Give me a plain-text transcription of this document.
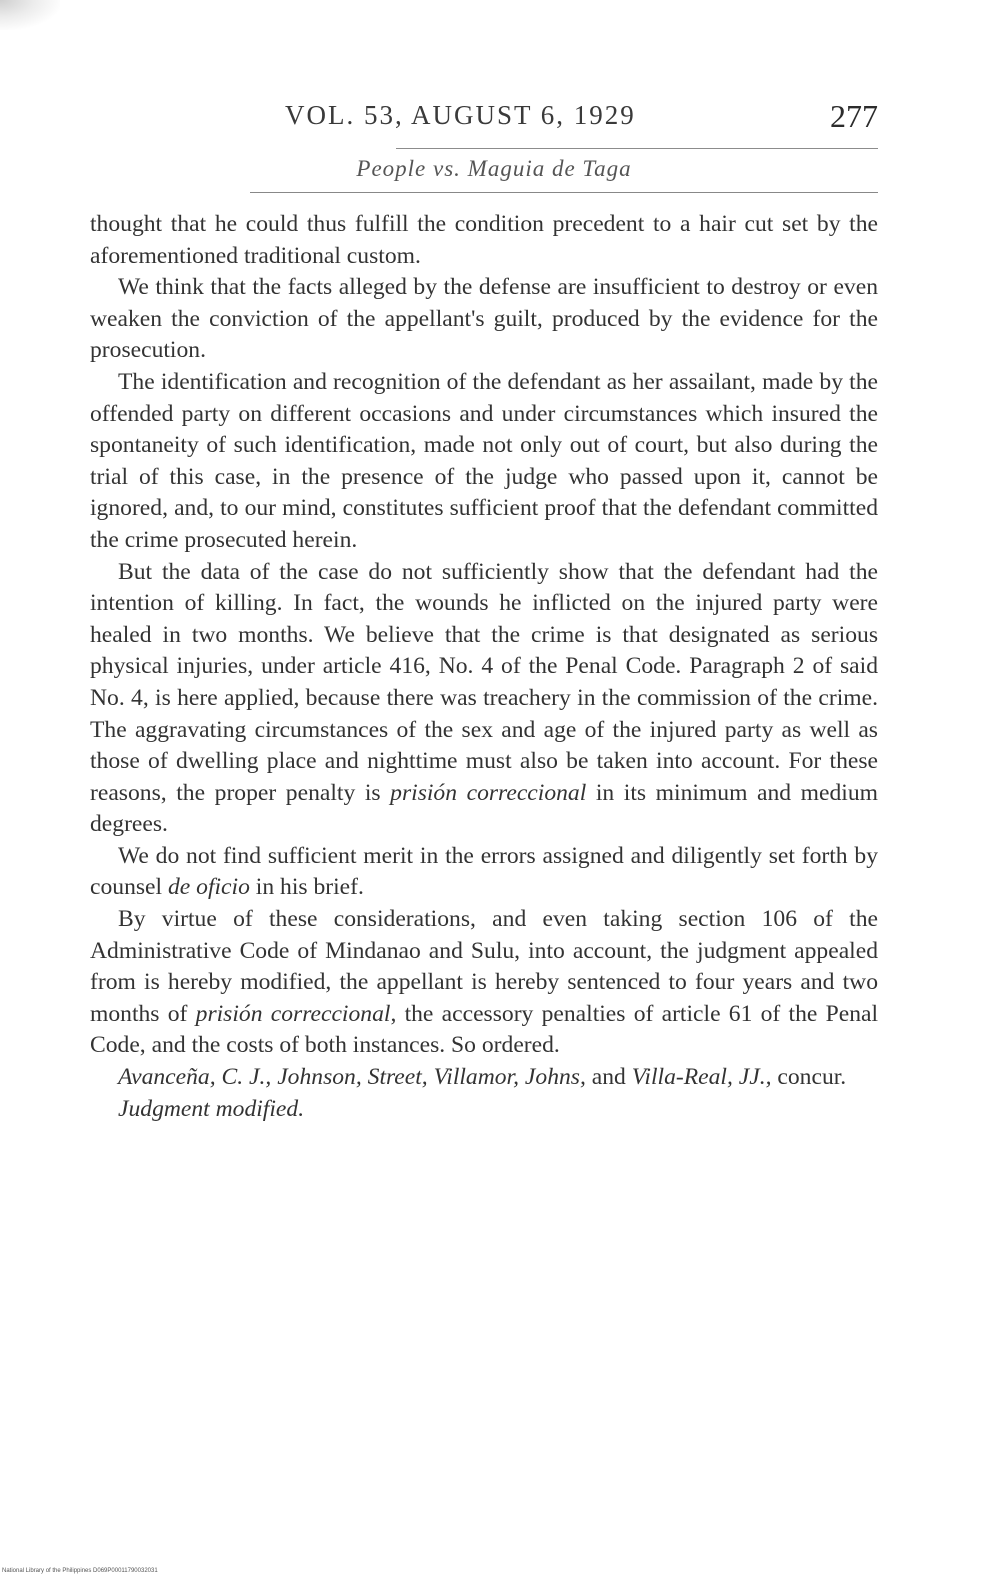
VOL. 53, AUGUST 6, 1929	277
People vs. Maguia de Taga

thought that he could thus fulfill the condition precedent to a hair cut set by the aforementioned traditional custom.

We think that the facts alleged by the defense are insufficient to destroy or even weaken the conviction of the appellant's guilt, produced by the evidence for the prosecution.

The identification and recognition of the defendant as her assailant, made by the offended party on different occasions and under circumstances which insured the spontaneity of such identification, made not only out of court, but also during the trial of this case, in the presence of the judge who passed upon it, cannot be ignored, and, to our mind, constitutes sufficient proof that the defendant committed the crime prosecuted herein.

But the data of the case do not sufficiently show that the defendant had the intention of killing. In fact, the wounds he inflicted on the injured party were healed in two months. We believe that the crime is that designated as serious physical injuries, under article 416, No. 4 of the Penal Code. Paragraph 2 of said No. 4, is here applied, because there was treachery in the commission of the crime. The aggravating circumstances of the sex and age of the injured party as well as those of dwelling place and nighttime must also be taken into account. For these reasons, the proper penalty is prisión correccional in its minimum and medium degrees.

We do not find sufficient merit in the errors assigned and diligently set forth by counsel de oficio in his brief.

By virtue of these considerations, and even taking section 106 of the Administrative Code of Mindanao and Sulu, into account, the judgment appealed from is hereby modified, the appellant is hereby sentenced to four years and two months of prisión correccional, the accessory penalties of article 61 of the Penal Code, and the costs of both instances. So ordered.

Avanceña, C. J., Johnson, Street, Villamor, Johns, and Villa-Real, JJ., concur.

Judgment modified.

National Library of the Philippines D069P00011790032031
